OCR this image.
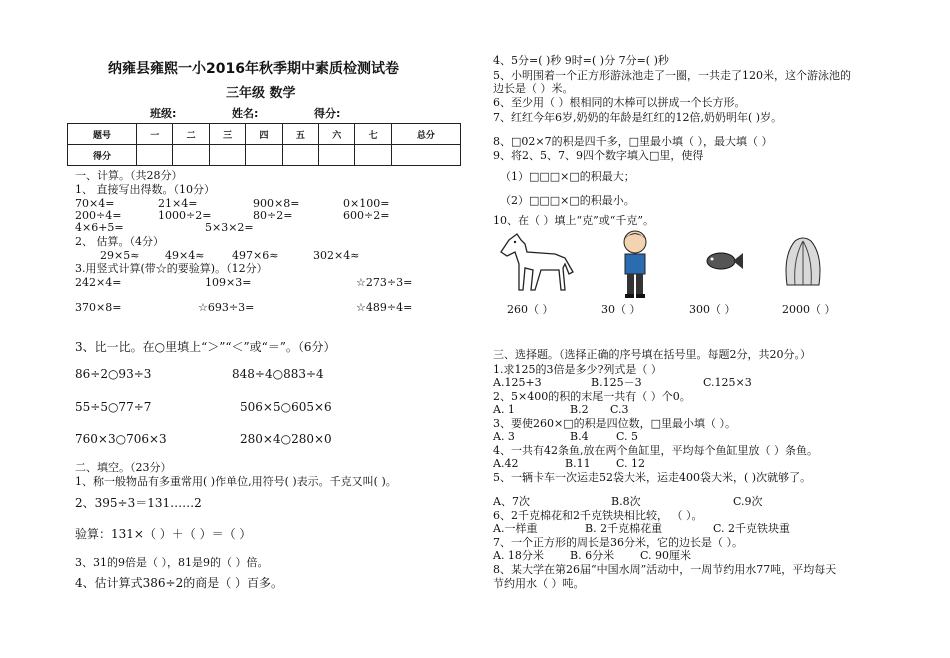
纳雍县雍熙一小2016年秋季期中素质检测试卷
三年级 数学
班级:	姓名:	得分:
题号	一	二	三	四	五	六	七	总分
得分								
一、计算。（共28分）
1、 直接写出得数。（10分）
70×4=	21×4=	900×8=	0×100=
200÷4=	1000÷2=	80÷2=	600÷2=
4×6+5=	5×3×2=
2、 估算。（4分）
29×5≈ 49×4≈	497×6≈	302×4≈
3.用竖式计算(带☆的要验算)。（12分）
242×4=	109×3=	☆273÷3=
370×8=	☆693÷3=	☆489÷4=
3、比一比。在○里填上“＞”“＜”或“＝”。（6分）
86÷2○93÷3	848÷4○883÷4
55÷5○77÷7	506×5○605×6
760×3○706×3	280×4○280×0
二、填空。（23分）
1、称一般物品有多重常用( )作单位,用符号( )表示。千克又叫( )。
2、395÷3＝131……2
验算：131×（ ）＋（ ）＝（ ）
3、31的9倍是（ ），81是9的（ ）倍。
4、估计算式386÷2的商是（ ）百多。
4、5分=( )秒 9时=( )分 7分=( )秒
5、小明围着一个正方形游泳池走了一圈，一共走了120米，这个游泳池的
边长是（ ）米。
6、至少用（ ）根相同的木棒可以拼成一个长方形。
7、红红今年6岁,奶奶的年龄是红红的12倍,奶奶明年( )岁。
8、□02×7的积是四千多，□里最小填（ ），最大填（ ）
9、将2、5、7、9四个数字填入□里，使得
（1）□□□×□的积最大；
（2）□□□×□的积最小。
10、在（ ）填上“克”或“千克”。
260（ ）	30（ ）	300（ ）	2000（ ）
三、选择题。（选择正确的序号填在括号里。每题2分，共20分。）
1.求125的3倍是多少?列式是（ ）
A.125+3	B.125－3	C.125×3
2、5×400的积的末尾一共有（ ）个0。
A. 1	B.2 C.3
3、要使260×□的积是四位数，□里最小填（ ）。
A. 3	B.4 C. 5
4、一共有42条鱼,放在两个鱼缸里，平均每个鱼缸里放（ ）条鱼。
A.42	B.11 C. 12
5、一辆卡车一次运走52袋大米，运走400袋大米，( )次就够了。
A、7次	B.8次	C.9次
6、2千克棉花和2千克铁块相比较， （ ）。
A.一样重	B. 2千克棉花重	C. 2千克铁块重
7、一个正方形的周长是36分米，它的边长是（ ）。
A. 18分米 B. 6分米 C. 90厘米
8、某大学在第26届“中国水周”活动中，一周节约用水77吨，平均每天
节约用水（ ）吨。
